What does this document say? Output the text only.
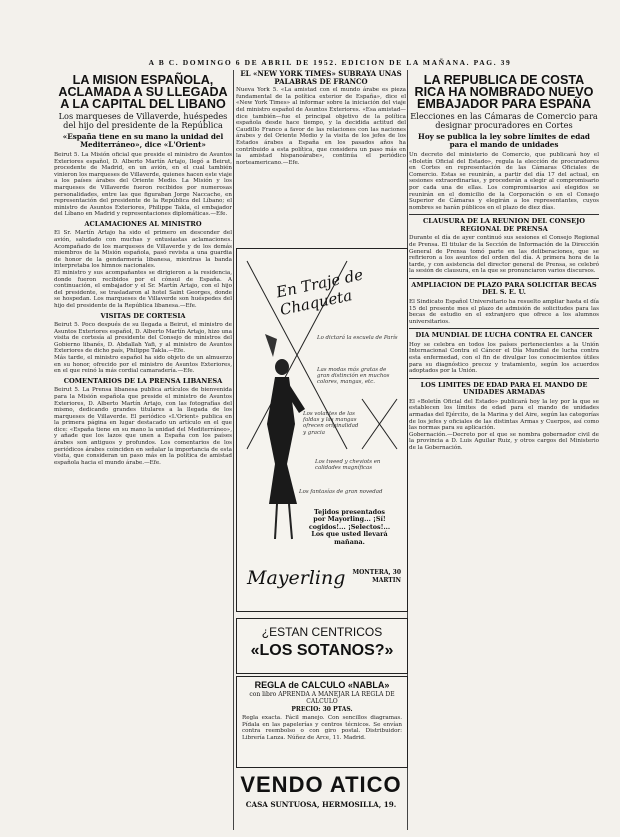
A B C. DOMINGO 6 DE ABRIL DE 1952. EDICION DE LA MAÑANA. PAG. 39
LA MISION ESPAÑOLA, ACLAMADA A SU LLEGADA A LA CAPITAL DEL LIBANO
Los marqueses de Villaverde, huéspedes del hijo del presidente de la República
«España tiene en su mano la unidad del Mediterráneo», dice «L'Orient»

Beirut 5. La Misión oficial que preside el ministro de Asuntos Exteriores español, D. Alberto Martín Artajo, llegó a Beirut, procedente de Madrid, en un avión, en el cual también vinieron los marqueses de Villaverde, quienes hacen este viaje a los países árabes del Oriente Medio. La Misión y los marqueses de Villaverde fueron recibidos por numerosas personalidades, entre las que figuraban Jorge Naccache, en representación del presidente de la República del Líbano; el ministro de Asuntos Exteriores, Philippe Takla, el embajador del Líbano en Madrid y representaciones diplomáticas.—Efe.

ACLAMACIONES AL MINISTRO

El Sr. Martín Artajo ha sido el primero en descender del avión, saludado con muchas y entusiastas aclamaciones. Acompañado de los marqueses de Villaverde y de los demás miembros de la Misión española, pasó revista a una guardia de honor de la gendarmería libanesa, mientras la banda interpretaba los himnos nacionales.

El ministro y sus acompañantes se dirigieron a la residencia, donde fueron recibidos por el cónsul de España. A continuación, el embajador y el Sr. Martín Artajo, con el hijo del presidente, se trasladaron al hotel Saint Georges, donde se hospedan. Los marqueses de Villaverde son huéspedes del hijo del presidente de la República libanesa.—Efe.

VISITAS DE CORTESIA

Beirut 5. Poco después de su llegada a Beirut, el ministro de Asuntos Exteriores español, D. Alberto Martín Artajo, hizo una visita de cortesía al presidente del Consejo de ministros del Gobierno libanés, D. Abdallah Yafi, y al ministro de Asuntos Exteriores de dicho país, Philippe Takla.—Efe.

Más tarde, el ministro español ha sido objeto de un almuerzo en su honor, ofrecido por el ministro de Asuntos Exteriores, en el que reinó la más cordial camaradería.—Efe.

COMENTARIOS DE LA PRENSA LIBANESA

Beirut 5. La Prensa libanesa publica artículos de bienvenida para la Misión española que preside el ministro de Asuntos Exteriores, D. Alberto Martín Artajo, con las fotografías del mismo, dedicando grandes titulares a la llegada de los marqueses de Villaverde. El periódico «L'Orient» publica en la primera página en lugar destacado un artículo en el que dice: «España tiene en su mano la unidad del Mediterráneo», y añade que los lazos que unen a España con los países árabes son antiguos y profundos. Los comentarios de los periódicos árabes coinciden en señalar la importancia de esta visita, que consideran un paso más en la política de amistad española hacia el mundo árabe.—Efe.

EL «NEW YORK TIMES» SUBRAYA UNAS PALABRAS DE FRANCO

Nueva York 5. «La amistad con el mundo árabe es pieza fundamental de la política exterior de España», dice el «New York Times» al informar sobre la iniciación del viaje del ministro español de Asuntos Exteriores. «Esa amistad—dice también—fue el principal objetivo de la política española desde hace tiempo, y la decidida actitud del Caudillo Franco a favor de las relaciones con las naciones árabes y del Oriente Medio y la visita de los jefes de los Estados árabes a España en los pasados años ha contribuido a esta política, que considera un paso más en la amistad hispanoárabe», continúa el periódico norteamericano.—Efe.

En Traje de Chaqueta
Lo dictará la escuela de París
Las modas más gratas de gran distinción en muchos colores, mangas, etc.
Los volantes de las faldas y las mangas ofrecen originalidad y gracia
Los tweed y cheviots en calidades magníficas
Los fantasías de gran novedad
Tejidos presentados
por Mayorling... ¡Sí!
cogidos!... ¡Selectos!...
Los que usted llevará
mañana.
Mayerling MONTERA, 30
MARTIN
¿ESTAN CENTRICOS
«LOS SOTANOS?»
REGLA de CALCULO «NABLA»
con libro APRENDA A MANEJAR LA REGLA DE CALCULO
PRECIO: 30 PTAS.

Regla exacta. Fácil manejo. Con sencillos diagramas. Pídala en las papelerías y centros técnicos. Se envían contra reembolso o con giro postal. Distribuidor: Librería Lanza. Núñez de Arce, 11. Madrid.

VENDO ATICO
CASA SUNTUOSA, HERMOSILLA, 19.
LA REPUBLICA DE COSTA RICA HA NOMBRADO NUEVO EMBAJADOR PARA ESPAÑA
Elecciones en las Cámaras de Comercio para designar procuradores en Cortes
Hoy se publica la ley sobre límites de edad para el mando de unidades

Un decreto del ministerio de Comercio, que publicará hoy el «Boletín Oficial del Estado», regula la elección de procuradores en Cortes en representación de las Cámaras Oficiales de Comercio. Estas se reunirán, a partir del día 17 del actual, en sesiones extraordinarias, y procederán a elegir al compromisario por cada una de ellas. Los compromisarios así elegidos se reunirán en el domicilio de la Corporación o en el Consejo Superior de Cámaras y elegirán a los representantes, cuyos nombres se harán públicos en el plazo de diez días.

CLAUSURA DE LA REUNION DEL CONSEJO REGIONAL DE PRENSA

Durante el día de ayer continuó sus sesiones el Consejo Regional de Prensa. El titular de la Sección de Información de la Dirección General de Prensa tomó parte en las deliberaciones, que se refirieron a los asuntos del orden del día. A primera hora de la tarde, y con asistencia del director general de Prensa, se celebró la sesión de clausura, en la que se pronunciaron varios discursos.

AMPLIACION DE PLAZO PARA SOLICITAR BECAS DEL S. E. U.

El Sindicato Español Universitario ha resuelto ampliar hasta el día 15 del presente mes el plazo de admisión de solicitudes para las becas de estudio en el extranjero que ofrece a los alumnos universitarios.

DIA MUNDIAL DE LUCHA CONTRA EL CANCER

Hoy se celebra en todos los países pertenecientes a la Unión Internacional Contra el Cáncer el Día Mundial de lucha contra esta enfermedad, con el fin de divulgar los conocimientos útiles para su diagnóstico precoz y tratamiento, según los acuerdos adoptados por la Unión.

LOS LIMITES DE EDAD PARA EL MANDO DE UNIDADES ARMADAS

El «Boletín Oficial del Estado» publicará hoy la ley por la que se establecen los límites de edad para el mando de unidades armadas del Ejército, de la Marina y del Aire, según las categorías de los jefes y oficiales de las distintas Armas y Cuerpos, así como las normas para su aplicación.

Gobernación.—Decreto por el que se nombra gobernador civil de la provincia a D. Luis Aguilar Ruiz, y otros cargos del Ministerio de la Gobernación.
